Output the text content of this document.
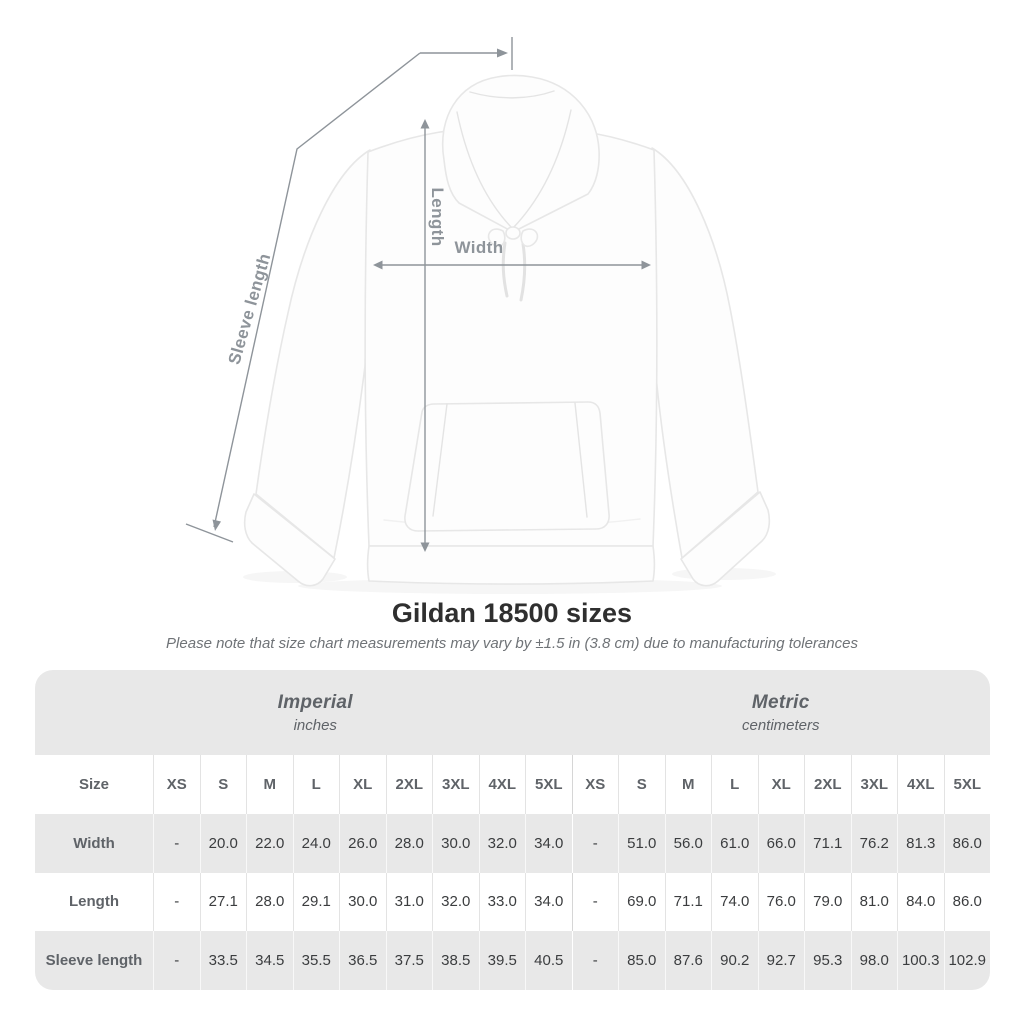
Length
Width
Sleeve length
Gildan 18500 sizes
Please note that size chart measurements may vary by ±1.5 in (3.8 cm) due to manufacturing tolerances
Imperial
inches
Metric
centimeters
Size	XS	S	M	L	XL	2XL	3XL	4XL	5XL	XS	S	M	L	XL	2XL	3XL	4XL	5XL
Width	-	20.0	22.0	24.0	26.0	28.0	30.0	32.0	34.0	-	51.0	56.0	61.0	66.0	71.1	76.2	81.3	86.0
Length	-	27.1	28.0	29.1	30.0	31.0	32.0	33.0	34.0	-	69.0	71.1	74.0	76.0	79.0	81.0	84.0	86.0
Sleeve length	-	33.5	34.5	35.5	36.5	37.5	38.5	39.5	40.5	-	85.0	87.6	90.2	92.7	95.3	98.0 100.3 102.9
